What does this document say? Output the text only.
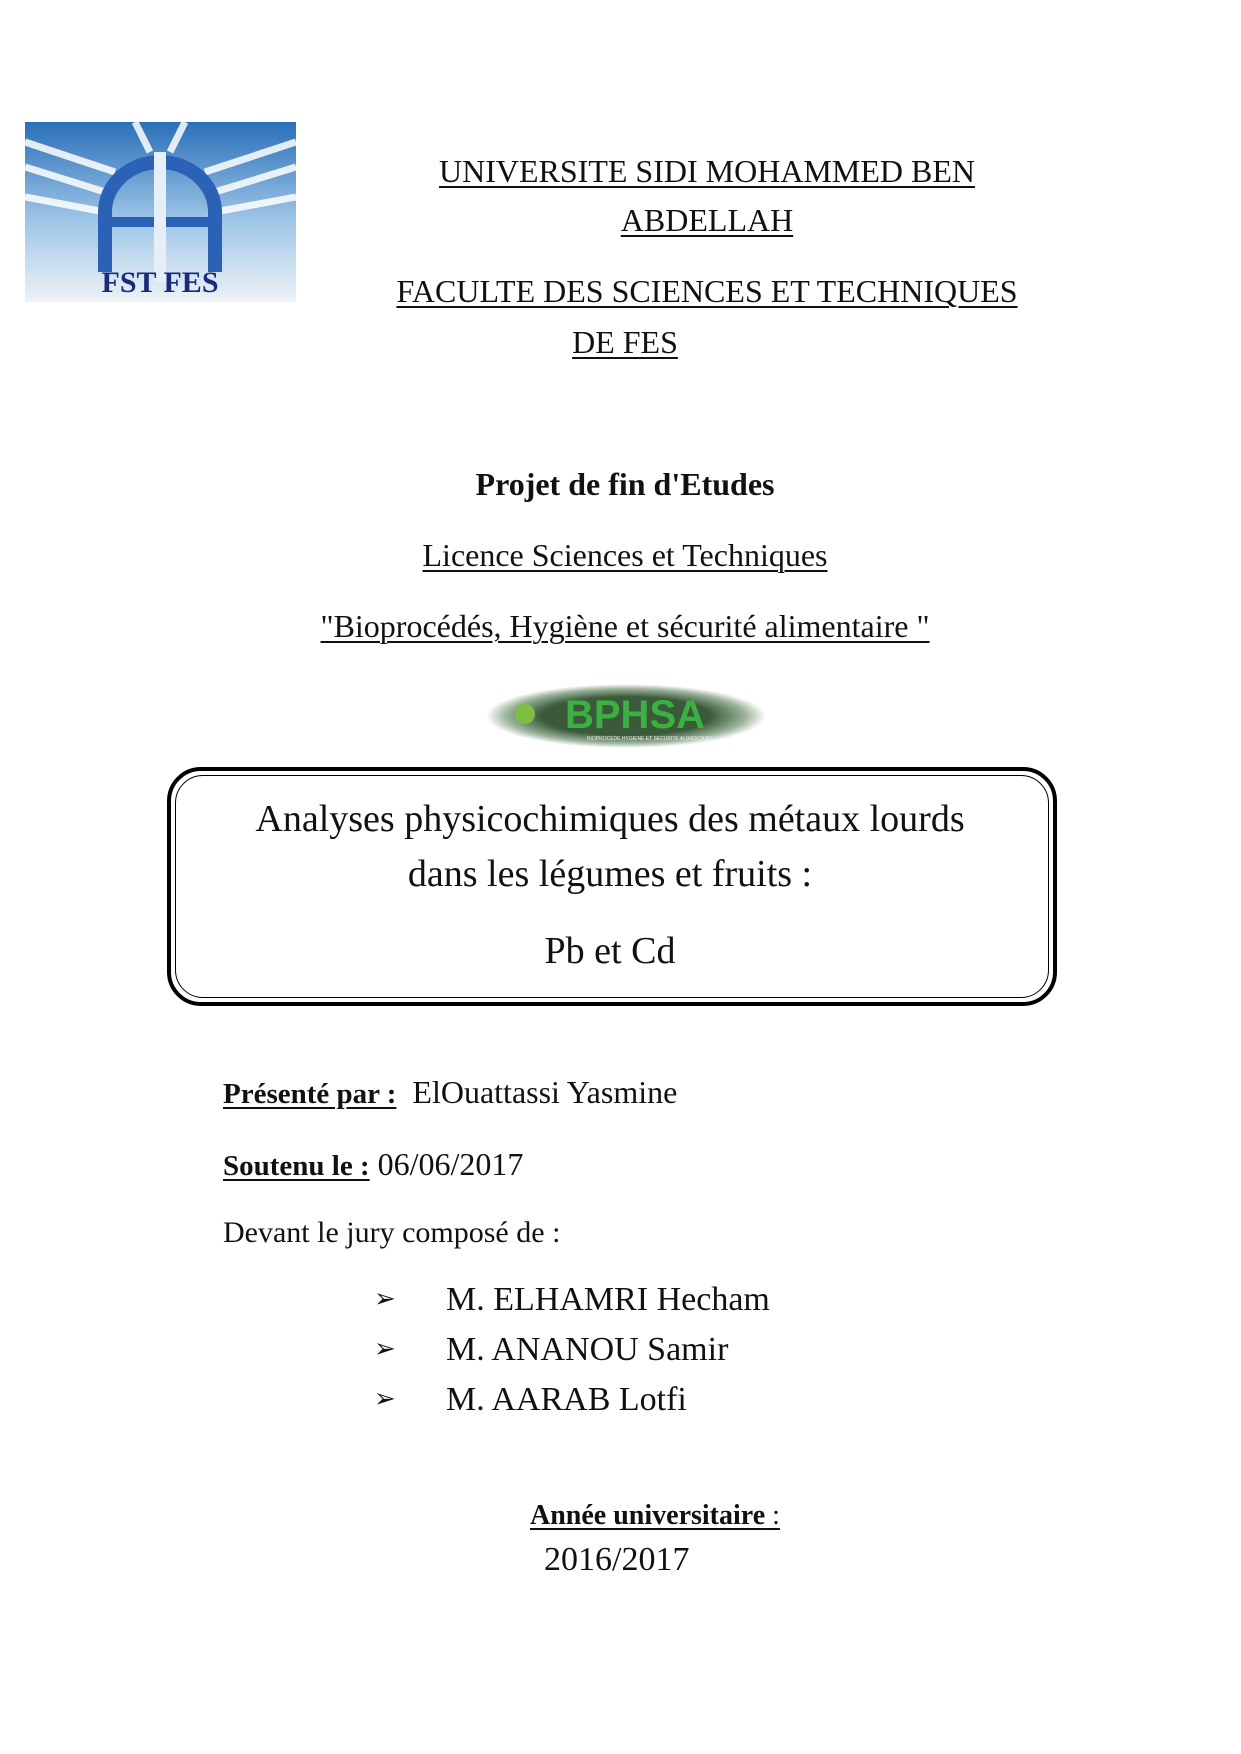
FST FES
UNIVERSITE SIDI MOHAMMED BEN
ABDELLAH
FACULTE DES SCIENCES ET TECHNIQUES
DE FES
Projet de fin d'Etudes
Licence Sciences et Techniques
"Bioprocédés, Hygiène et sécurité alimentaire "
BPHSA
BIOPROCEDE HYGIENE ET SECURITE ALIMENTAIRE
Analyses physicochimiques des métaux lourds
dans les légumes et fruits :
Pb et Cd
Présenté par : ElOuattassi Yasmine
Soutenu le : 06/06/2017
Devant le jury composé de :
➢ M. ELHAMRI Hecham
➢ M. ANANOU Samir
➢ M. AARAB Lotfi
Année universitaire :
2016/2017
